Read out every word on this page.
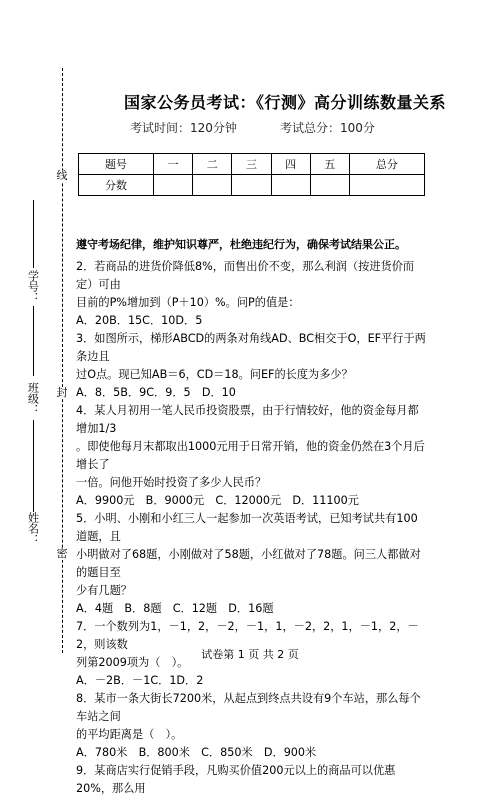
线
封
密
学号：
班级：
姓名：
国家公务员考试：《行测》高分训练数量关系
考试时间：120分钟	考试总分：100分
题号	一	二	三	四	五	总分
分数						
遵守考场纪律，维护知识尊严，杜绝违纪行为，确保考试结果公正。

2．若商品的进货价降低8%，而售出价不变，那么利润（按进货价而定）可由

目前的P%增加到（P＋10）%。问P的值是：

A．20B．15C．10D．5

3．如图所示，梯形ABCD的两条对角线AD、BC相交于O，EF平行于两条边且

过O点。现已知AB＝6，CD＝18。问EF的长度为多少？

A．8．5B．9C．9．5　D．10

4．某人月初用一笔人民币投资股票，由于行情较好，他的资金每月都增加1/3

。即使他每月末都取出1000元用于日常开销，他的资金仍然在3个月后增长了

一倍。问他开始时投资了多少人民币？

A．9900元　B．9000元　C．12000元　D．11100元

5．小明、小刚和小红三人一起参加一次英语考试，已知考试共有100道题，且

小明做对了68题，小刚做对了58题，小红做对了78题。问三人都做对的题目至

少有几题？

A．4题　B．8题　C．12题　D．16题

7．一个数列为1，－1，2，－2，－1，1，－2，2，1，－1，2，－2，则该数

列第2009项为（　）。

A．－2B．－1C．1D．2

8．某市一条大街长7200米，从起点到终点共设有9个车站，那么每个车站之间

的平均距离是（　）。

A．780米　B．800米　C．850米　D．900米

9．某商店实行促销手段，凡购买价值200元以上的商品可以优惠20%，那么用

试卷第 1 页 共 2 页
